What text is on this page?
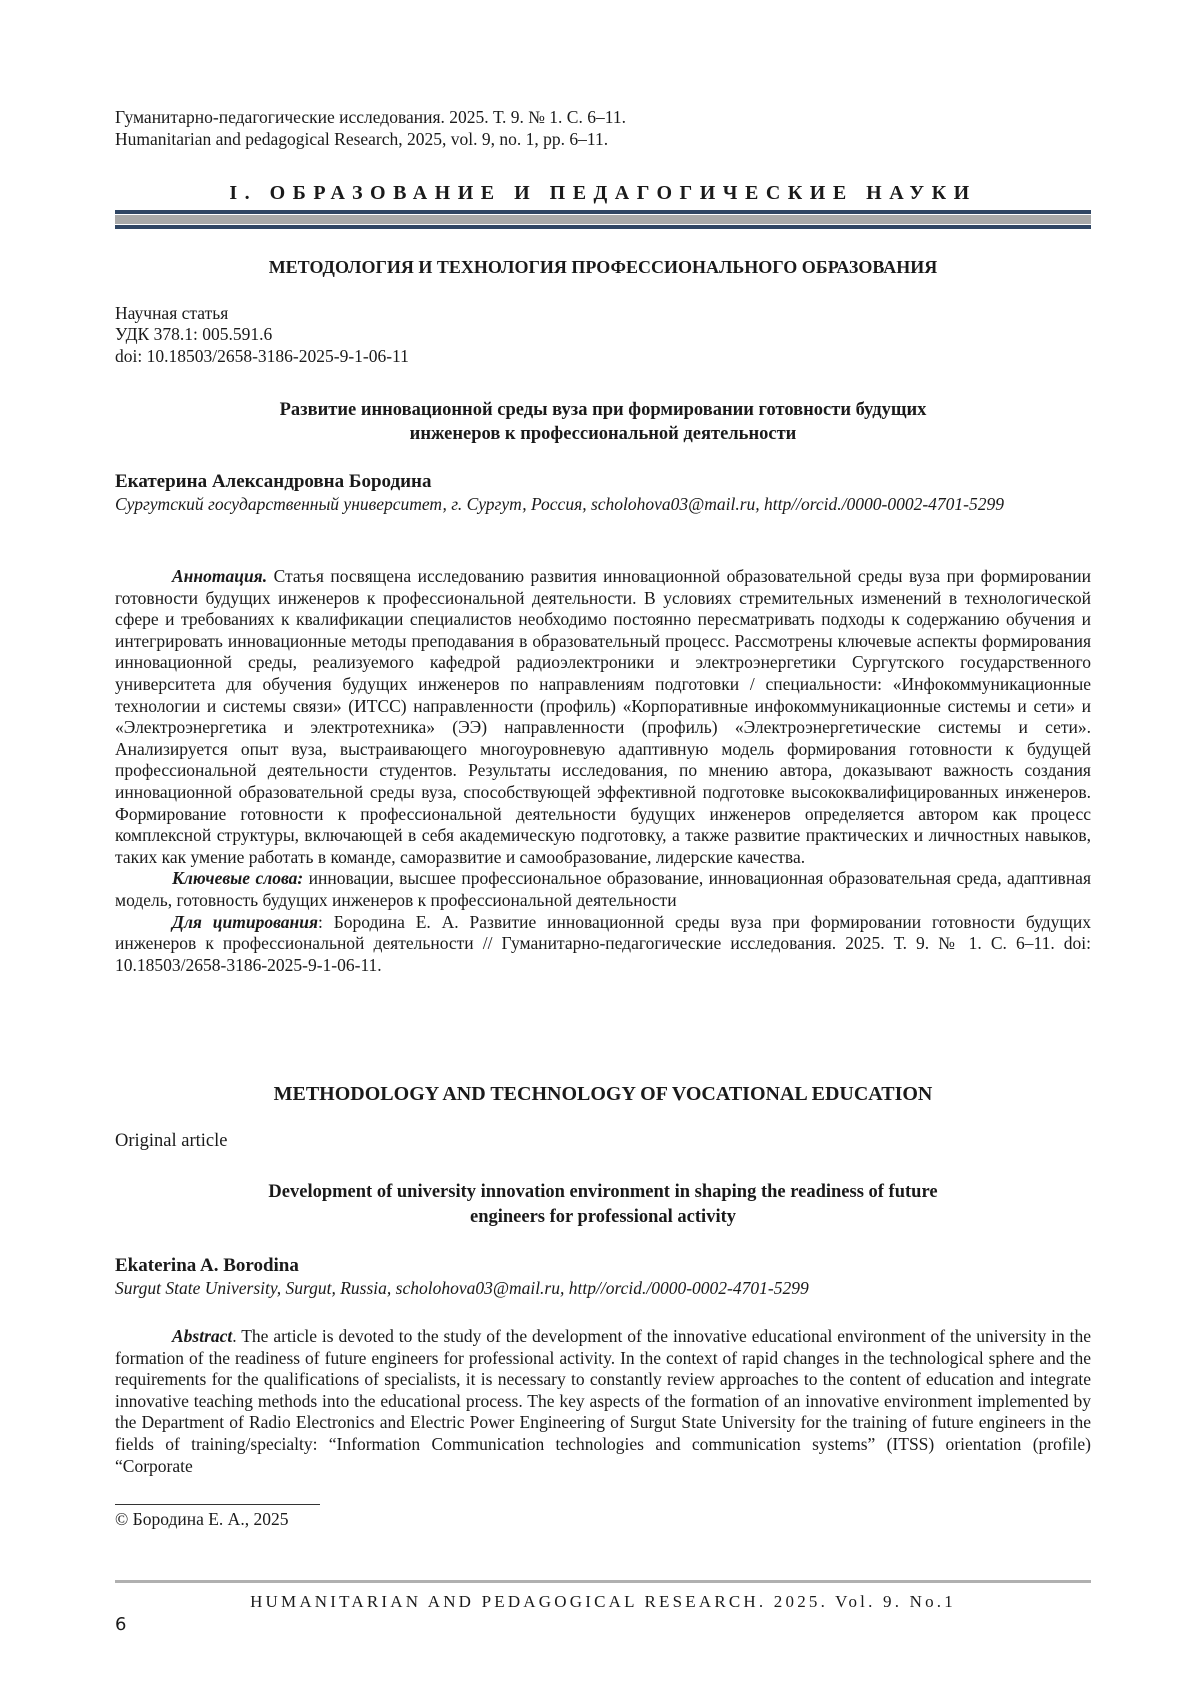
Гуманитарно-педагогические исследования. 2025. Т. 9. № 1. С. 6–11.
Humanitarian and pedagogical Research, 2025, vol. 9, no. 1, pp. 6–11.
I. ОБРАЗОВАНИЕ И ПЕДАГОГИЧЕСКИЕ НАУКИ
МЕТОДОЛОГИЯ И ТЕХНОЛОГИЯ ПРОФЕССИОНАЛЬНОГО ОБРАЗОВАНИЯ
Научная статья
УДК 378.1: 005.591.6
doi: 10.18503/2658-3186-2025-9-1-06-11
Развитие инновационной среды вуза при формировании готовности будущих
инженеров к профессиональной деятельности
Екатерина Александровна Бородина
Сургутский государственный университет, г. Сургут, Россия, scholohova03@mail.ru, http//orcid./0000-0002-4701-5299

Аннотация. Статья посвящена исследованию развития инновационной образовательной среды вуза при формировании готовности будущих инженеров к профессиональной деятельности. В условиях стремительных изменений в технологической сфере и требованиях к квалификации специалистов необходимо постоянно пересматривать подходы к содержанию обучения и интегрировать инновационные методы преподавания в образовательный процесс. Рассмотрены ключевые аспекты формирования инновационной среды, реализуемого кафедрой радиоэлектроники и электроэнергетики Сургутского государственного университета для обучения будущих инженеров по направлениям подготовки / специальности: «Инфокоммуникационные технологии и системы связи» (ИТСС) направленности (профиль) «Корпоративные инфокоммуникационные системы и сети» и «Электроэнергетика и электротехника» (ЭЭ) направленности (профиль) «Электроэнергетические системы и сети». Анализируется опыт вуза, выстраивающего многоуровневую адаптивную модель формирования готовности к будущей профессиональной деятельности студентов. Результаты исследования, по мнению автора, доказывают важность создания инновационной образовательной среды вуза, способствующей эффективной подготовке высококвалифицированных инженеров. Формирование готовности к профессиональной деятельности будущих инженеров определяется автором как процесс комплексной структуры, включающей в себя академическую подготовку, а также развитие практических и личностных навыков, таких как умение работать в команде, саморазвитие и самообразование, лидерские качества.

Ключевые слова: инновации, высшее профессиональное образование, инновационная образовательная среда, адаптивная модель, готовность будущих инженеров к профессиональной деятельности

Для цитирования: Бородина Е. А. Развитие инновационной среды вуза при формировании готовности будущих инженеров к профессиональной деятельности // Гуманитарно-педагогические исследования. 2025. Т. 9. № 1. С. 6–11. doi: 10.18503/2658-3186-2025-9-1-06-11.

METHODOLOGY AND TECHNOLOGY OF VOCATIONAL EDUCATION
Original article
Development of university innovation environment in shaping the readiness of future
engineers for professional activity
Ekaterina A. Borodina
Surgut State University, Surgut, Russia, scholohova03@mail.ru, http//orcid./0000-0002-4701-5299

Abstract. The article is devoted to the study of the development of the innovative educational environment of the university in the formation of the readiness of future engineers for professional activity. In the context of rapid changes in the technological sphere and the requirements for the qualifications of specialists, it is necessary to constantly review approaches to the content of education and integrate innovative teaching methods into the educational process. The key aspects of the formation of an innovative environment implemented by the Department of Radio Electronics and Electric Power Engineering of Surgut State University for the training of future engineers in the fields of training/specialty: “Information Communication technologies and communication systems” (ITSS) orientation (profile) “Corporate

© Бородина Е. А., 2025
HUMANITARIAN AND PEDAGOGICAL RESEARCH. 2025. Vol. 9. No.1
6
